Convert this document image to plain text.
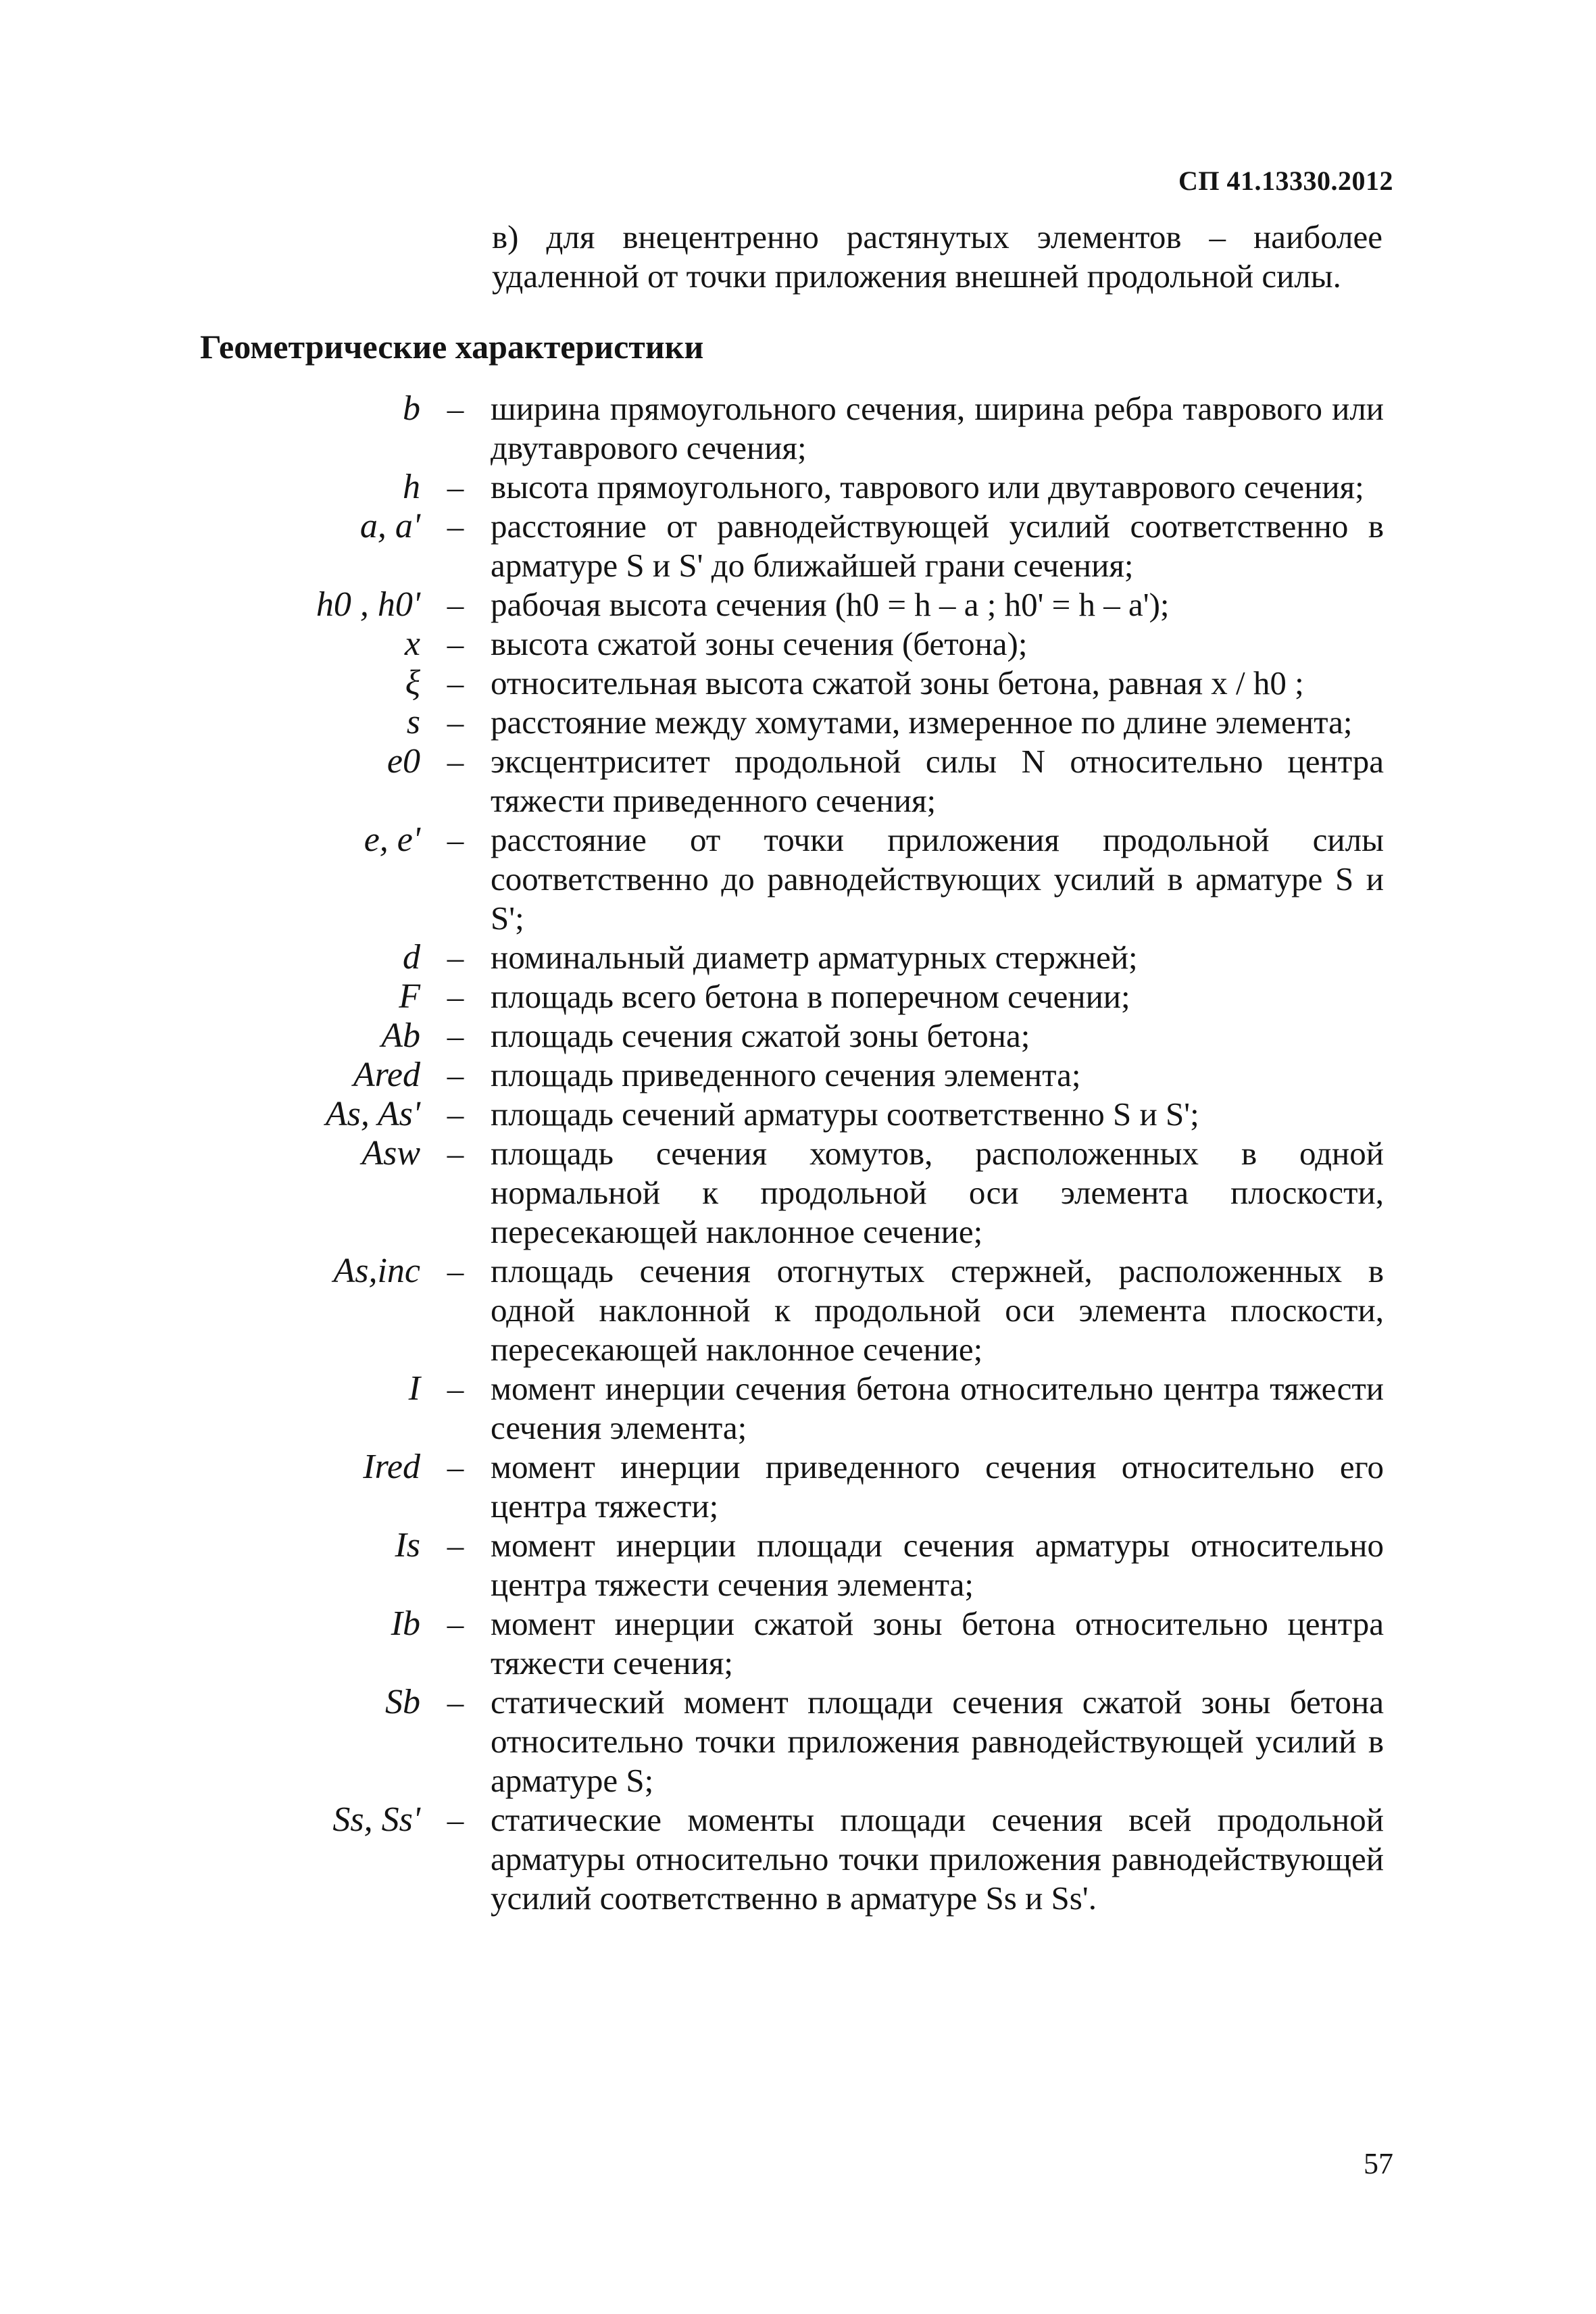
СП 41.13330.2012
в) для внецентренно растянутых элементов – наиболее удаленной от точки приложения внешней продольной силы.
Геометрические характеристики
b – ширина прямоугольного сечения, ширина ребра таврового или двутаврового сечения;
h – высота прямоугольного, таврового или двутаврового сечения;
a, a' – расстояние от равнодействующей усилий соответственно в арматуре S и S' до ближайшей грани сечения;
h0 , h0' – рабочая высота сечения (h0 = h – a ; h0' = h – a');
x – высота сжатой зоны сечения (бетона);
ξ – относительная высота сжатой зоны бетона, равная x / h0 ;
s – расстояние между хомутами, измеренное по длине элемента;
e0 – эксцентриситет продольной силы N относительно центра тяжести приведенного сечения;
e, e' – расстояние от точки приложения продольной силы соответственно до равнодействующих усилий в арматуре S и S';
d – номинальный диаметр арматурных стержней;
F – площадь всего бетона в поперечном сечении;
Ab – площадь сечения сжатой зоны бетона;
Ared – площадь приведенного сечения элемента;
As, As' – площадь сечений арматуры соответственно S и S';
Asw – площадь сечения хомутов, расположенных в одной нормальной к продольной оси элемента плоскости, пересекающей наклонное сечение;
As,inc – площадь сечения отогнутых стержней, расположенных в одной наклонной к продольной оси элемента плоскости, пересекающей наклонное сечение;
I – момент инерции сечения бетона относительно центра тяжести сечения элемента;
Ired – момент инерции приведенного сечения относительно его центра тяжести;
Is – момент инерции площади сечения арматуры относительно центра тяжести сечения элемента;
Ib – момент инерции сжатой зоны бетона относительно центра тяжести сечения;
Sb – статический момент площади сечения сжатой зоны бетона относительно точки приложения равнодействующей усилий в арматуре S;
Ss, Ss' – статические моменты площади сечения всей продольной арматуры относительно точки приложения равнодействующей усилий соответственно в арматуре Ss и Ss'.
57
